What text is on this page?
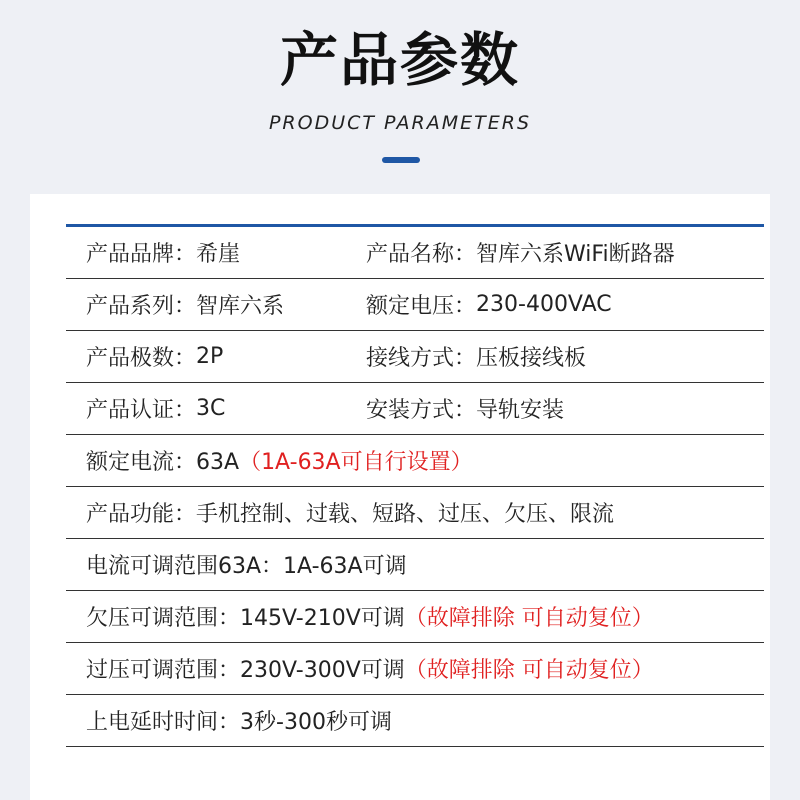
产品参数
PRODUCT PARAMETERS
产品品牌： 希崖	产品名称： 智库六系WiFi断路器
产品系列： 智库六系	额定电压： 230-400VAC
产品极数： 2P	接线方式： 压板接线板
产品认证： 3C	安装方式： 导轨安装
额定电流：63A（1A-63A可自行设置）
产品功能：手机控制、过载、短路、过压、欠压、限流
电流可调范围63A：1A-63A可调
欠压可调范围：145V-210V可调（故障排除 可自动复位）
过压可调范围：230V-300V可调（故障排除 可自动复位）
上电延时时间：3秒-300秒可调
